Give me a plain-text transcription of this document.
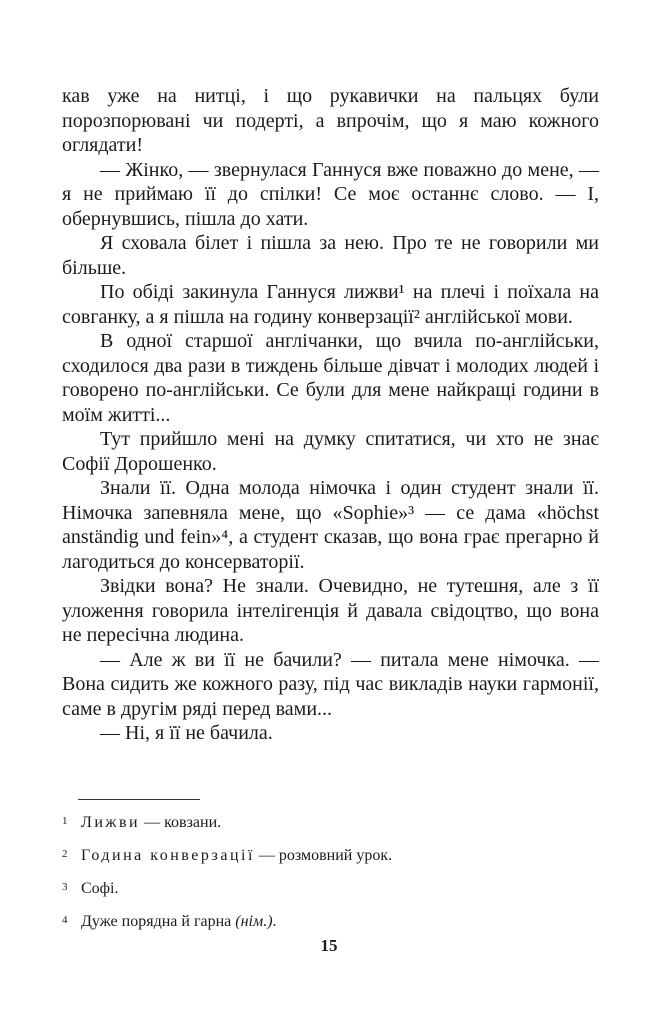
кав уже на нитці, і що рукавички на пальцях були порозпорювані чи подерті, а впрочім, що я маю кожного оглядати!

— Жінко, — звернулася Ганнуся вже поважно до мене, — я не приймаю її до спілки! Се моє останнє слово. — І, обернувшись, пішла до хати.

Я сховала білет і пішла за нею. Про те не говорили ми більше.

По обіді закинула Ганнуся лижви¹ на плечі і поїхала на совганку, а я пішла на годину конверзації² англійської мови.

В одної старшої англічанки, що вчила по-англійськи, сходилося два рази в тиждень більше дівчат і молодих людей і говорено по-англійськи. Се були для мене найкращі години в моїм житті...

Тут прийшло мені на думку спитатися, чи хто не знає Софії Дорошенко.

Знали її. Одна молода німочка і один студент знали її. Німочка запевняла мене, що «Sophie»³ — се дама «höchst anständig und fein»⁴, а студент сказав, що вона грає прегарно й лагодиться до консерваторії.

Звідки вона? Не знали. Очевидно, не тутешня, але з її уложення говорила інтелігенція й давала свідоцтво, що вона не пересічна людина.

— Але ж ви її не бачили? — питала мене німочка. — Вона сидить же кожного разу, під час викладів науки гармонії, саме в другім ряді перед вами...

— Ні, я її не бачила.

1 Лижви — ковзани.
2 Година конверзації — розмовний урок.
3 Софі.
4 Дуже порядна й гарна (нім.).
15
